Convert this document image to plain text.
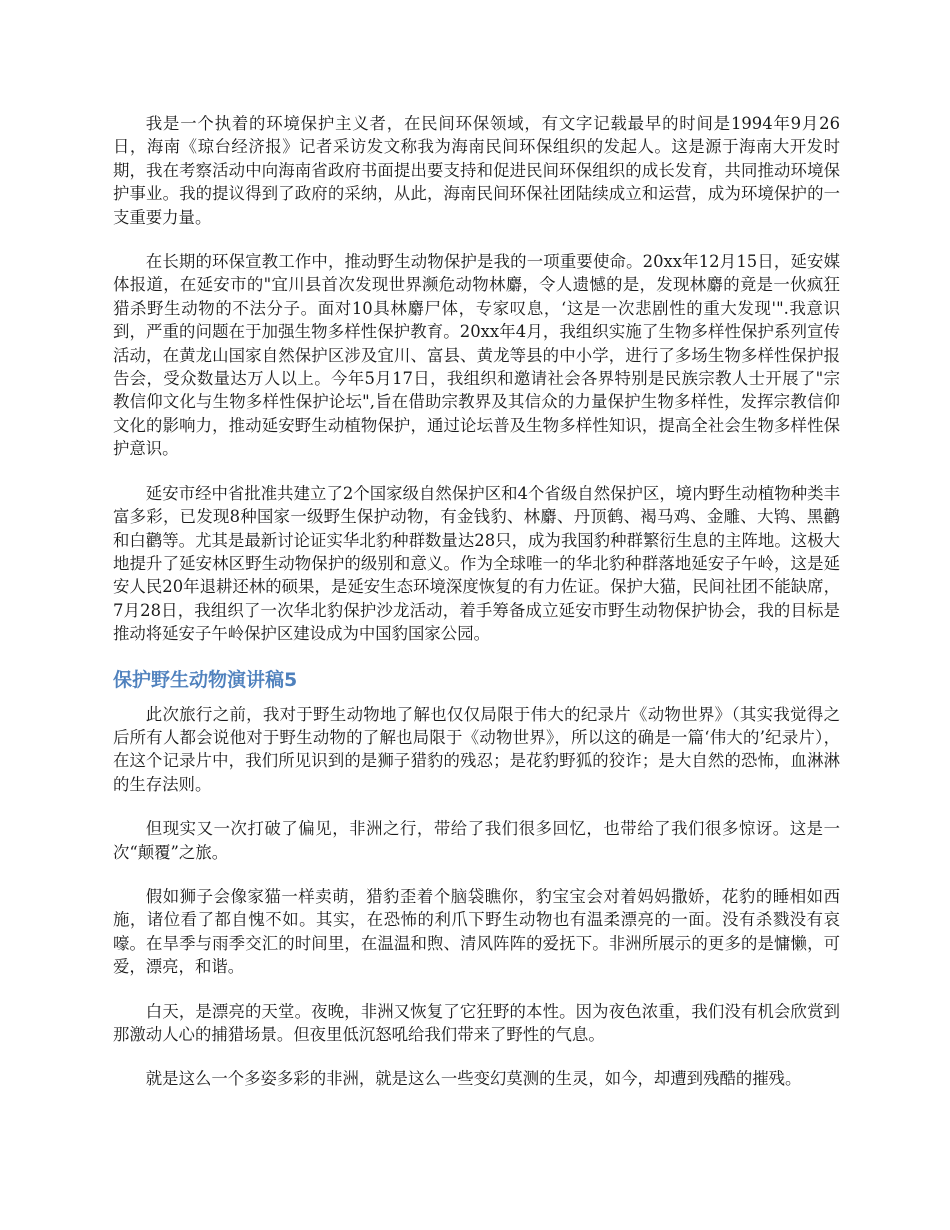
我是一个执着的环境保护主义者，在民间环保领域，有文字记载最早的时间是1994年9月26日，海南《琼台经济报》记者采访发文称我为海南民间环保组织的发起人。这是源于海南大开发时期，我在考察活动中向海南省政府书面提出要支持和促进民间环保组织的成长发育，共同推动环境保护事业。我的提议得到了政府的采纳，从此，海南民间环保社团陆续成立和运营，成为环境保护的一支重要力量。

在长期的环保宣教工作中，推动野生动物保护是我的一项重要使命。20xx年12月15日，延安媒体报道，在延安市的"宜川县首次发现世界濒危动物林麝，令人遗憾的是，发现林麝的竟是一伙疯狂猎杀野生动物的不法分子。面对10具林麝尸体，专家叹息，‘这是一次悲剧性的重大发现'".我意识到，严重的问题在于加强生物多样性保护教育。20xx年4月，我组织实施了生物多样性保护系列宣传活动，在黄龙山国家自然保护区涉及宜川、富县、黄龙等县的中小学，进行了多场生物多样性保护报告会，受众数量达万人以上。今年5月17日，我组织和邀请社会各界特别是民族宗教人士开展了"宗教信仰文化与生物多样性保护论坛",旨在借助宗教界及其信众的力量保护生物多样性，发挥宗教信仰文化的影响力，推动延安野生动植物保护，通过论坛普及生物多样性知识，提高全社会生物多样性保护意识。

延安市经中省批准共建立了2个国家级自然保护区和4个省级自然保护区，境内野生动植物种类丰富多彩，已发现8种国家一级野生保护动物，有金钱豹、林麝、丹顶鹤、褐马鸡、金雕、大鸨、黑鹳和白鹳等。尤其是最新讨论证实华北豹种群数量达28只，成为我国豹种群繁衍生息的主阵地。这极大地提升了延安林区野生动物保护的级别和意义。作为全球唯一的华北豹种群落地延安子午岭，这是延安人民20年退耕还林的硕果，是延安生态环境深度恢复的有力佐证。保护大猫，民间社团不能缺席，7月28日，我组织了一次华北豹保护沙龙活动，着手筹备成立延安市野生动物保护协会，我的目标是推动将延安子午岭保护区建设成为中国豹国家公园。

保护野生动物演讲稿5

此次旅行之前，我对于野生动物地了解也仅仅局限于伟大的纪录片《动物世界》（其实我觉得之后所有人都会说他对于野生动物的了解也局限于《动物世界》，所以这的确是一篇‘伟大的’纪录片），在这个记录片中，我们所见识到的是狮子猎豹的残忍；是花豹野狐的狡诈；是大自然的恐怖，血淋淋的生存法则。

但现实又一次打破了偏见，非洲之行，带给了我们很多回忆，也带给了我们很多惊讶。这是一次“颠覆”之旅。

假如狮子会像家猫一样卖萌，猎豹歪着个脑袋瞧你，豹宝宝会对着妈妈撒娇，花豹的睡相如西施，诸位看了都自愧不如。其实，在恐怖的利爪下野生动物也有温柔漂亮的一面。没有杀戮没有哀嚎。在旱季与雨季交汇的时间里，在温温和煦、清风阵阵的爱抚下。非洲所展示的更多的是慵懒，可爱，漂亮，和谐。

白天，是漂亮的天堂。夜晚，非洲又恢复了它狂野的本性。因为夜色浓重，我们没有机会欣赏到那激动人心的捕猎场景。但夜里低沉怒吼给我们带来了野性的气息。

就是这么一个多姿多彩的非洲，就是这么一些变幻莫测的生灵，如今，却遭到残酷的摧残。
